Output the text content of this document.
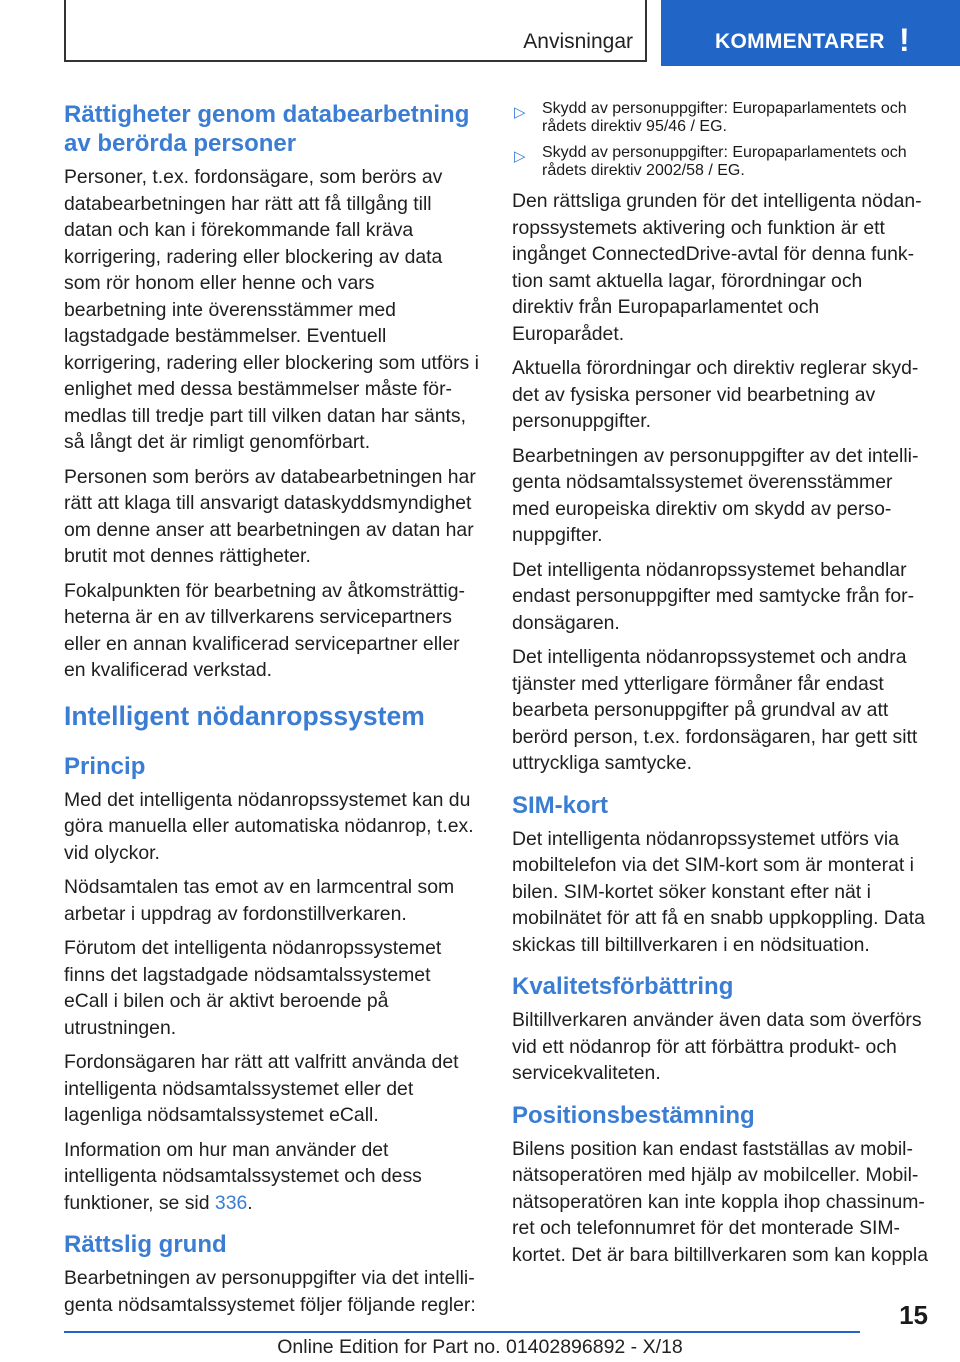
Anvisningar	KOMMENTARER !
Rättigheter genom databearbetning av berörda personer

Personer, t.ex. fordonsägare, som berörs av databearbetningen har rätt att få tillgång till datan och kan i förekommande fall kräva korrigering, radering eller blockering av data som rör honom eller henne och vars bearbetning inte överensstämmer med lagstadgade bestämmelser. Eventuell korrigering, radering eller blockering som utförs i enlighet med dessa bestämmelser måste förmedlas till tredje part till vilken datan har sänts, så långt det är rimligt genomförbart.

Personen som berörs av databearbetningen har rätt att klaga till ansvarigt dataskyddsmyndighet om denne anser att bearbetningen av datan har brutit mot dennes rättigheter.

Fokalpunkten för bearbetning av åtkomsträttigheterna är en av tillverkarens servicepartners eller en annan kvalificerad servicepartner eller en kvalificerad verkstad.

Intelligent nödanropssystem
Princip

Med det intelligenta nödanropssystemet kan du göra manuella eller automatiska nödanrop, t.ex. vid olyckor.

Nödsamtalen tas emot av en larmcentral som arbetar i uppdrag av fordonstillverkaren.

Förutom det intelligenta nödanropssystemet finns det lagstadgade nödsamtalssystemet eCall i bilen och är aktivt beroende på utrustningen.

Fordonsägaren har rätt att valfritt använda det intelligenta nödsamtalssystemet eller det lagenliga nödsamtalssystemet eCall.

Information om hur man använder det intelligenta nödsamtalssystemet och dess funktioner, se sid 336.

Rättslig grund

Bearbetningen av personuppgifter via det intelligenta nödsamtalssystemet följer följande regler:

▷ Skydd av personuppgifter: Europaparlamentets och rådets direktiv 95/46 / EG.
▷ Skydd av personuppgifter: Europaparlamentets och rådets direktiv 2002/58 / EG.

Den rättsliga grunden för det intelligenta nödanropssystemets aktivering och funktion är ett ingånget ConnectedDrive-avtal för denna funktion samt aktuella lagar, förordningar och direktiv från Europaparlamentet och Europarådet.

Aktuella förordningar och direktiv reglerar skyddet av fysiska personer vid bearbetning av personuppgifter.

Bearbetningen av personuppgifter av det intelligenta nödsamtalssystemet överensstämmer med europeiska direktiv om skydd av personuppgifter.

Det intelligenta nödanropssystemet behandlar endast personuppgifter med samtycke från fordonsägaren.

Det intelligenta nödanropssystemet och andra tjänster med ytterligare förmåner får endast bearbeta personuppgifter på grundval av att berörd person, t.ex. fordonsägaren, har gett sitt uttryckliga samtycke.

SIM-kort

Det intelligenta nödanropssystemet utförs via mobiltelefon via det SIM-kort som är monterat i bilen. SIM-kortet söker konstant efter nät i mobilnätet för att få en snabb uppkoppling. Data skickas till biltillverkaren i en nödsituation.

Kvalitetsförbättring

Biltillverkaren använder även data som överförs vid ett nödanrop för att förbättra produkt- och servicekvaliteten.

Positionsbestämning

Bilens position kan endast fastställas av mobilnätsoperatören med hjälp av mobilceller. Mobilnätsoperatören kan inte koppla ihop chassinumret och telefonnumret för det monterade SIM-kortet. Det är bara biltillverkaren som kan koppla

15
Online Edition for Part no. 01402896892 - X/18
